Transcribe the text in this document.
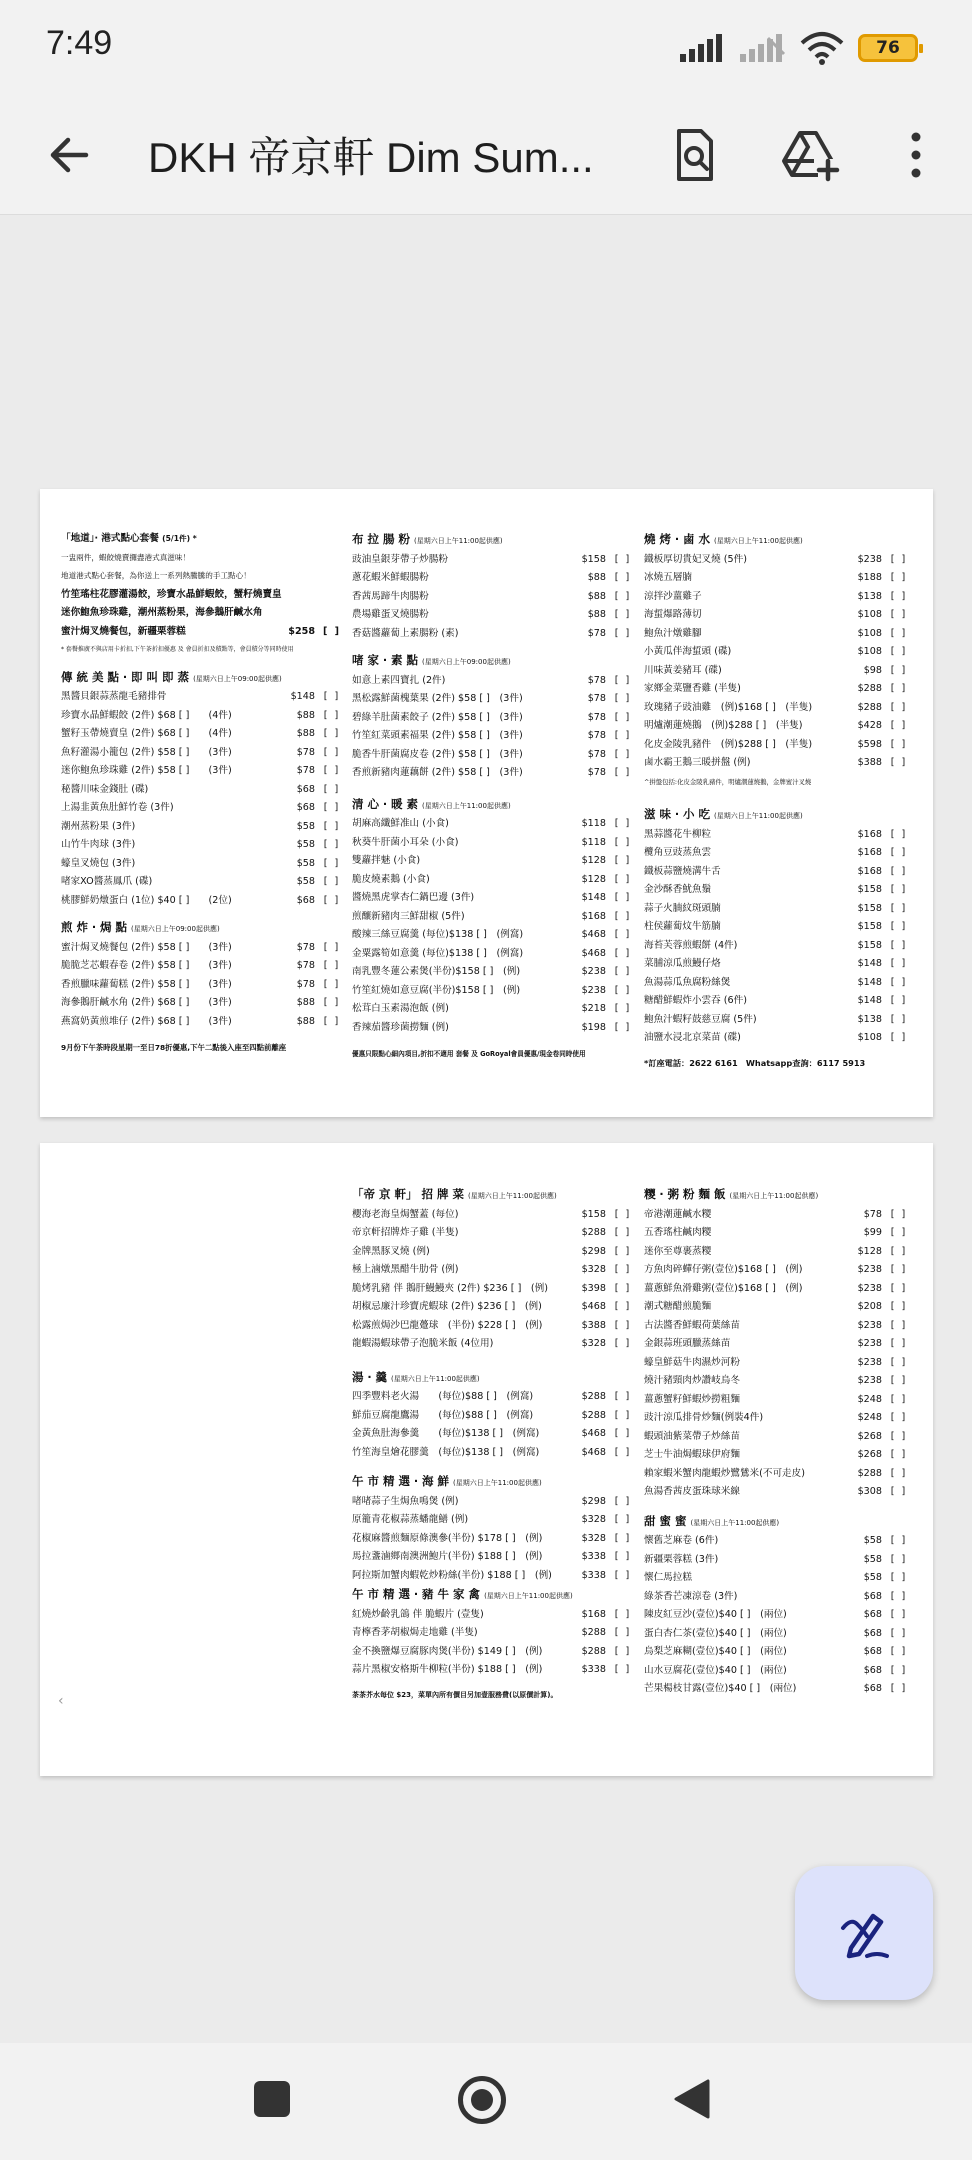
7:49	76
DKH 帝京軒 Dim Sum...
「地道」‧ 港式點心套餐 (5/1件) *
一盅兩件，蝦餃燒賣攞盡港式真滋味！
地道港式點心套餐，為你送上一系列熱騰騰的手工點心！
竹笙瑤柱花膠灌湯餃，珍寶水晶鮮蝦餃，蟹籽燒賣皇
迷你鮑魚珍珠雞，潮州蒸粉果，海參鵝肝鹹水角
蜜汁焗叉燒餐包，新疆栗蓉糕	$258 [ ]
* 套餐推廣不與店用卡折扣,下午茶折扣優惠 及 會員折扣及積點等，會員積分等同時使用
傳 統 美 點 ‧ 即 叫 即 蒸 (星期六日上午09:00起供應)
黑醬貝銀蒜蒸龍毛豬排骨	$148 [ ]
珍寶水晶鮮蝦餃 (2件) $68 [ ]　　(4件)	$88 [ ]
蟹籽玉帶燒賣皇 (2件) $68 [ ]　　(4件)	$88 [ ]
魚籽灌湯小籠包 (2件) $58 [ ]　　(3件)	$78 [ ]
迷你鮑魚珍珠雞 (2件) $58 [ ]　　(3件)	$78 [ ]
秘醬川味金錢肚 (碟)	$68 [ ]
上湯韭黃魚肚鮮竹卷 (3件)	$68 [ ]
潮州蒸粉果 (3件)	$58 [ ]
山竹牛肉球 (3件)	$58 [ ]
蠔皇叉燒包 (3件)	$58 [ ]
啫家XO醬蒸鳳爪 (碟)	$58 [ ]
桃膠鮮奶燉蛋白 (1位) $40 [ ]　　(2位)	$68 [ ]
煎 炸 ‧ 焗 點 (星期六日上午09:00起供應)
蜜汁焗叉燒餐包 (2件) $58 [ ]　　(3件)	$78 [ ]
脆脆芝芯蝦春卷 (2件) $58 [ ]　　(3件)	$78 [ ]
香煎臘味蘿蔔糕 (2件) $58 [ ]　　(3件)	$78 [ ]
海參鵝肝鹹水角 (2件) $68 [ ]　　(3件)	$88 [ ]
燕窩奶黃煎堆仔 (2件) $68 [ ]　　(3件)	$88 [ ]
9月份下午茶時段星期一至日78折優惠,下午二點後入座至四點前離座
布 拉 腸 粉 (星期六日上午11:00起供應)
豉油皇銀芽帶子炒腸粉	$158 [ ]
蔥花蝦米鮮蝦腸粉	$88 [ ]
香茜馬蹄牛肉腸粉	$88 [ ]
農場雞蛋叉燒腸粉	$88 [ ]
香菇醬蘿蔔上素腸粉 (素)	$78 [ ]
啫 家 ‧ 素 點 (星期六日上午09:00起供應)
如意上素四寶扎 (2件)	$78 [ ]
黑松露鮮菌槐葉果 (2件) $58 [ ]　(3件)	$78 [ ]
碧綠羊肚菌素餃子 (2件) $58 [ ]　(3件)	$78 [ ]
竹笙紅菜頭素福果 (2件) $58 [ ]　(3件)	$78 [ ]
脆香牛肝菌腐皮卷 (2件) $58 [ ]　(3件)	$78 [ ]
香煎新豬肉蓮藕餅 (2件) $58 [ ]　(3件)	$78 [ ]
清 心 ‧ 暖 素 (星期六日上午11:00起供應)
胡麻高纖鮮准山 (小食)	$118 [ ]
秋葵牛肝菌小耳朵 (小食)	$118 [ ]
雙蘿拌魅 (小食)	$128 [ ]
脆皮燒素鵝 (小食)	$128 [ ]
醬燒黑虎掌杏仁鍋巴邊 (3件)	$148 [ ]
煎釀新豬肉三鮮甜椒 (5件)	$168 [ ]
酸辣三絲豆腐羹 (每位)$138 [ ]　(例窩)	$468 [ ]
金粟露筍如意羹 (每位)$138 [ ]　(例窩)	$468 [ ]
南乳豐冬蓮公素煲(半份)$158 [ ]　(例)	$238 [ ]
竹笙紅燒如意豆腐(半份)$158 [ ]　(例)	$238 [ ]
松茸白玉素湯泡飯 (例)	$218 [ ]
香辣茄醬珍菌撈麵 (例)	$198 [ ]
優惠只限點心細內項目,折扣不適用 套餐 及 GoRoyal會員優惠/現金卷同時使用
燒 烤 ‧ 鹵 水 (星期六日上午11:00起供應)
鐵板厚切貴妃叉燒 (5件)	$238 [ ]
冰燒五層腩	$188 [ ]
涼拌沙薑雞子	$138 [ ]
海蜇爆路薄切	$108 [ ]
鮑魚汁燉雞腳	$108 [ ]
小黃瓜伴海蜇頭 (碟)	$108 [ ]
川味黃姜豬耳 (碟)	$98 [ ]
家鄉金菜鹽香雞 (半隻)	$288 [ ]
玫瑰豬子豉油雞　(例)$168 [ ]　(半隻)	$288 [ ]
明爐潮蓮燒鵝　(例)$288 [ ]　(半隻)	$428 [ ]
化皮金陵乳豬件　(例)$288 [ ]　(半隻)	$598 [ ]
鹵水霸王鵝三暖拼盤 (例)	$388 [ ]
^拼盤包括:化皮金陵乳豬件，明爐潮蓮燒鵝，金牌蜜汁叉燒
滋 味 ‧ 小 吃 (星期六日上午11:00起供應)
黑蒜醬花牛柳粒	$168 [ ]
欖角豆豉蒸魚雲	$168 [ ]
鐵板蒜鹽燒溝牛舌	$168 [ ]
金沙酥香魷魚鬚	$158 [ ]
蒜子火腩紋斑頭腩	$158 [ ]
柱侯蘿蔔炆牛筋腩	$158 [ ]
海苔芙蓉煎蝦餅 (4件)	$158 [ ]
菜脯涼瓜煎鰻仔烙	$148 [ ]
魚湯蒜瓜魚腐粉絲煲	$148 [ ]
糖醋鮮蝦炸小雲吞 (6件)	$148 [ ]
鮑魚汁蝦籽鼓慈豆腐 (5件)	$138 [ ]
油鹽水浸北京菜苗 (碟)	$108 [ ]
*訂座電話：2622 6161　Whatsapp查詢：6117 5913
‹
「帝 京 軒」 招 牌 菜 (星期六日上午11:00起供應)
櫻海老海皇焗蟹蓋 (每位)	$158 [ ]
帝京軒招牌炸子雞 (半隻)	$288 [ ]
金牌黑豚叉燒 (例)	$298 [ ]
極上滷燉黑醋牛肋骨 (例)	$328 [ ]
脆烤乳豬 伴 鵝肝鰻鰻夾 (2件) $236 [ ]　(例)	$398 [ ]
胡椒忌廉汁珍寶虎蝦球 (2件) $236 [ ]　(例)	$468 [ ]
松露煎焗沙巴龍躉球　(半份) $228 [ ]　(例)	$388 [ ]
龍蝦湯蝦球帶子泡脆米飯 (4位用)	$328 [ ]
湯 ‧ 羹 (星期六日上午11:00起供應)
四季豐料老火湯　　(每位)$88 [ ]　(例窩)	$288 [ ]
鮮茄豆腐龍鷹湯　　(每位)$88 [ ]　(例窩)	$288 [ ]
金黃魚肚海參羹　　(每位)$138 [ ]　(例窩)	$468 [ ]
竹笙海皇燴花膠羹　(每位)$138 [ ]　(例窩)	$468 [ ]
午 市 精 選 ‧ 海 鮮 (星期六日上午11:00起供應)
啫啫蒜子生焗魚鳴煲 (例)	$298 [ ]
原籠青花椒蒜蒸蟠龍鱔 (例)	$328 [ ]
花椒麻醬煎麵原條澳參(半份) $178 [ ]　(例)	$328 [ ]
馬拉盞滷鄉南澳洲鮑片(半份) $188 [ ]　(例)	$338 [ ]
阿拉斯加蟹肉蝦乾炒粉絲(半份) $188 [ ]　(例)	$338 [ ]
午 市 精 選 ‧ 豬 牛 家 禽 (星期六日上午11:00起供應)
紅燒炒齡乳鴿 伴 脆蝦片 (壹隻)	$168 [ ]
青檸香茅胡椒焗走地雞 (半隻)	$288 [ ]
金不換鹽爆豆腐豚肉煲(半份) $149 [ ]　(例)	$288 [ ]
蒜片黑椒安格斯牛柳粒(半份) $188 [ ]　(例)	$338 [ ]
茶茶芥水每位 $23，菜單內所有價目另加壹服務費(以原價計算)。
糭 ‧ 粥 粉 麵 飯 (星期六日上午11:00起供應)
帝港潮蓮鹹水糭	$78 [ ]
五香瑤柱鹹肉糭	$99 [ ]
迷你至尊裹蒸糭	$128 [ ]
方魚肉碎蟬仔粥(壹位)$168 [ ]　(例)	$238 [ ]
薑蔥鮮魚滑雞粥(壹位)$168 [ ]　(例)	$238 [ ]
潮式糖醋煎脆麵	$208 [ ]
古法醬香鮮蝦荷葉絲苗	$238 [ ]
金銀蒜班頭臘蒸絲苗	$238 [ ]
蠔皇鮮菇牛肉濕炒河粉	$238 [ ]
燒汁豬頸肉炒讚岐烏冬	$238 [ ]
薑蔥蟹籽鮮蝦炒撈粗麵	$248 [ ]
豉汁涼瓜排骨炒麵(例裝4件)	$248 [ ]
蝦頭油紫菜帶子炒絲苗	$268 [ ]
芝士牛油焗蝦球伊府麵	$268 [ ]
賴家蝦米蟹肉龍蝦炒鷺鷥米(不可走皮)	$288 [ ]
魚湯香茜皮蛋珠球米線	$308 [ ]
甜 蜜 蜜 (星期六日上午11:00起供應)
懷舊芝麻卷 (6件)	$58 [ ]
新疆栗蓉糕 (3件)	$58 [ ]
懷仁馬拉糕	$58 [ ]
綠茶香芒凍涼卷 (3件)	$68 [ ]
陳皮紅豆沙(壹位)$40 [ ]　(兩位)	$68 [ ]
蛋白杏仁茶(壹位)$40 [ ]　(兩位)	$68 [ ]
烏梨芝麻糊(壹位)$40 [ ]　(兩位)	$68 [ ]
山水豆腐花(壹位)$40 [ ]　(兩位)	$68 [ ]
芒果楊枝甘露(壹位)$40 [ ]　(兩位)	$68 [ ]
